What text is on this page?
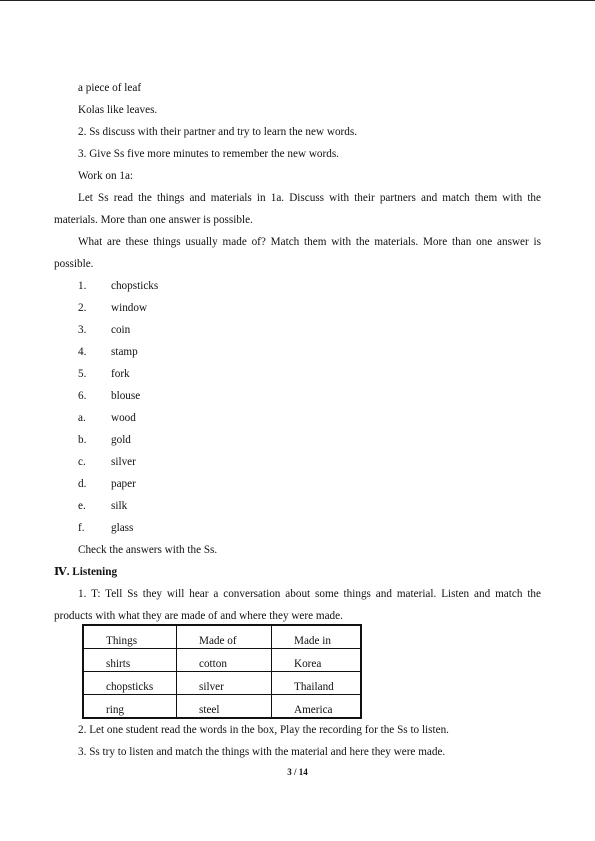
a piece of leaf
Kolas like leaves.
2. Ss discuss with their partner and try to learn the new words.
3. Give Ss five more minutes to remember the new words.
Work on 1a:
Let Ss read the things and materials in 1a. Discuss with their partners and match them with the
materials. More than one answer is possible.
What are these things usually made of? Match them with the materials. More than one answer is
possible.
1. chopsticks
2. window
3. coin
4. stamp
5. fork
6. blouse
a. wood
b. gold
c. silver
d. paper
e. silk
f. glass
Check the answers with the Ss.
Ⅳ. Listening
1. T: Tell Ss they will hear a conversation about some things and material. Listen and match the
products with what they are made of and where they were made.
Things	Made of	Made in
shirts	cotton	Korea
chopsticks	silver	Thailand
ring	steel	America
2. Let one student read the words in the box, Play the recording for the Ss to listen.
3. Ss try to listen and match the things with the material and here they were made.
3 / 14
